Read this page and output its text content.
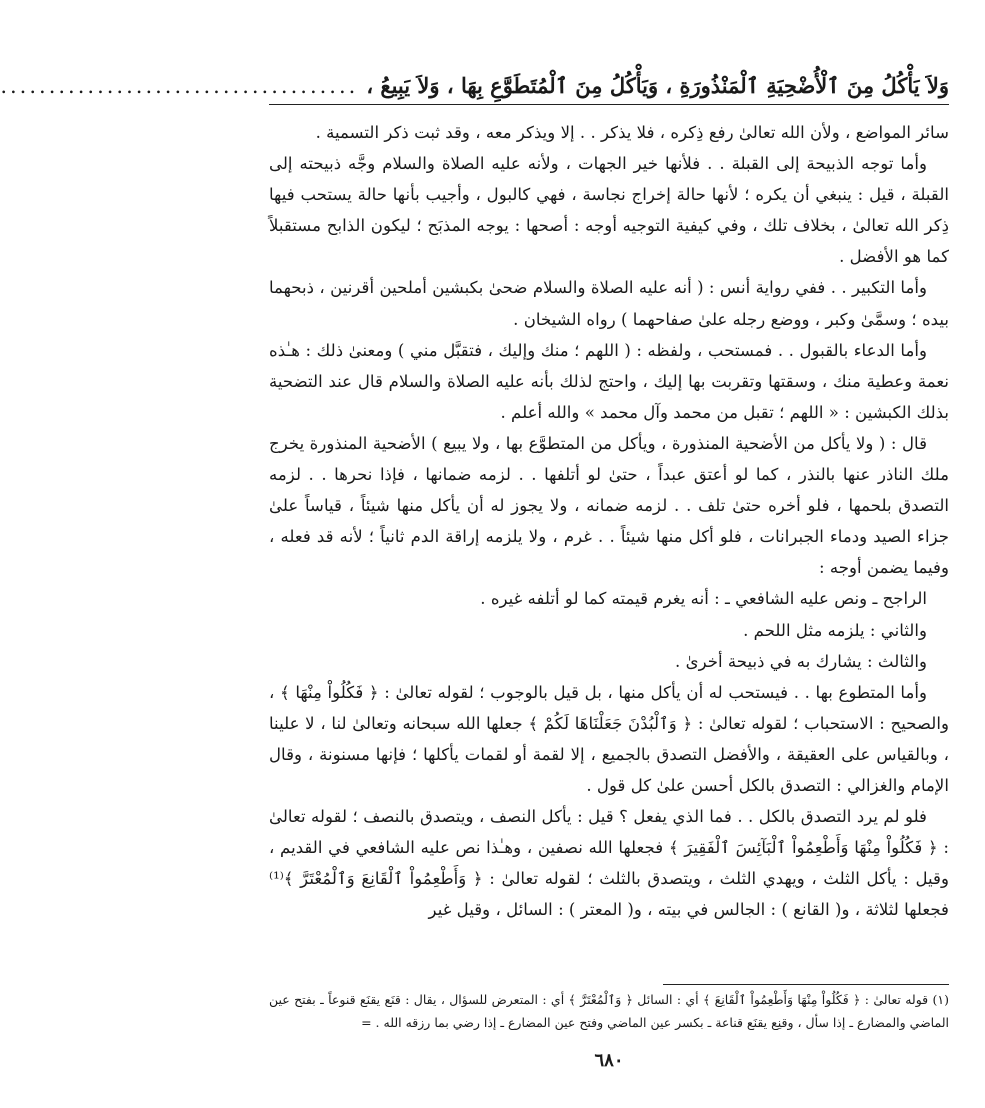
وَلاَ يَأْكُلُ مِنَ ٱلْأُضْحِيَةِ ٱلْمَنْذُورَةِ ، وَيَأْكُلُ مِنَ ٱلْمُتَطَوَّعِ بِهَا ، وَلاَ يَبِيعُ ،
.....................................

سائر المواضع ، ولأن الله تعالىٰ رفع ذِكره ، فلا يذكر . . إلا ويذكر معه ، وقد ثبت ذكر التسمية .

وأما توجه الذبيحة إلى القبلة . . فلأنها خير الجهات ، ولأنه عليه الصلاة والسلام وجَّه ذبيحته إلى القبلة ، قيل : ينبغي أن يكره ؛ لأنها حالة إخراج نجاسة ، فهي كالبول ، وأجيب بأنها حالة يستحب فيها ذِكر الله تعالىٰ ، بخلاف تلك ، وفي كيفية التوجيه أوجه : أصحها : يوجه المذبَح ؛ ليكون الذابح مستقبلاً كما هو الأفضل .

وأما التكبير . . ففي رواية أنس : ( أنه عليه الصلاة والسلام ضحىٰ بكبشين أملحين أقرنين ، ذبحهما بيده ؛ وسمَّىٰ وكبر ، ووضع رجله علىٰ صفاحهما ) رواه الشيخان .

وأما الدعاء بالقبول . . فمستحب ، ولفظه : ( اللهم ؛ منك وإليك ، فتقبَّل مني ) ومعنىٰ ذلك : هـٰذه نعمة وعطية منك ، وسقتها وتقربت بها إليك ، واحتج لذلك بأنه عليه الصلاة والسلام قال عند التضحية بذلك الكبشين : « اللهم ؛ تقبل من محمد وآل محمد » والله أعلم .

قال : ( ولا يأكل من الأضحية المنذورة ، ويأكل من المتطوَّع بها ، ولا يبيع ) الأضحية المنذورة يخرج ملك الناذر عنها بالنذر ، كما لو أعتق عبداً ، حتىٰ لو أتلفها . . لزمه ضمانها ، فإذا نحرها . . لزمه التصدق بلحمها ، فلو أخره حتىٰ تلف . . لزمه ضمانه ، ولا يجوز له أن يأكل منها شيئاً ، قياساً علىٰ جزاء الصيد ودماء الجبرانات ، فلو أكل منها شيئاً . . غرم ، ولا يلزمه إراقة الدم ثانياً ؛ لأنه قد فعله ، وفيما يضمن أوجه :

الراجح ـ ونص عليه الشافعي ـ : أنه يغرم قيمته كما لو أتلفه غيره .

والثاني : يلزمه مثل اللحم .

والثالث : يشارك به في ذبيحة أخرىٰ .

وأما المتطوع بها . . فيستحب له أن يأكل منها ، بل قيل بالوجوب ؛ لقوله تعالىٰ : ﴿ فَكُلُواْ مِنْهَا ﴾ ، والصحيح : الاستحباب ؛ لقوله تعالىٰ : ﴿ وَٱلْبُدْنَ جَعَلْنَاهَا لَكُمْ ﴾ جعلها الله سبحانه وتعالىٰ لنا ، لا علينا ، وبالقياس على العقيقة ، والأفضل التصدق بالجميع ، إلا لقمة أو لقمات يأكلها ؛ فإنها مسنونة ، وقال الإمام والغزالي : التصدق بالكل أحسن علىٰ كل قول .

فلو لم يرد التصدق بالكل . . فما الذي يفعل ؟ قيل : يأكل النصف ، ويتصدق بالنصف ؛ لقوله تعالىٰ : ﴿ فَكُلُواْ مِنْهَا وَأَطْعِمُواْ ٱلْبَآئِسَ ٱلْفَقِيرَ ﴾ فجعلها الله نصفين ، وهـٰذا نص عليه الشافعي في القديم ، وقيل : يأكل الثلث ، ويهدي الثلث ، ويتصدق بالثلث ؛ لقوله تعالىٰ : ﴿ وَأَطْعِمُواْ ٱلْقَانِعَ وَٱلْمُعْتَرَّ ﴾⁽¹⁾ فجعلها لثلاثة ، و( القانع ) : الجالس في بيته ، و( المعتر ) : السائل ، وقيل غير

(١) قوله تعالىٰ : ﴿ فَكُلُواْ مِنْهَا وَأَطْعِمُواْ ٱلْقَانِعَ ﴾ أي : السائل ﴿ وَٱلْمُعْتَرَّ ﴾ أي : المتعرض للسؤال ، يقال : قنَع يقنَع قنوعاً ـ بفتح عين الماضي والمضارع ـ إذا سأل ، وقنِع يقنَع قناعة ـ بكسر عين الماضي وفتح عين المضارع ـ إذا رضي بما رزقه الله . =

٦٨٠
